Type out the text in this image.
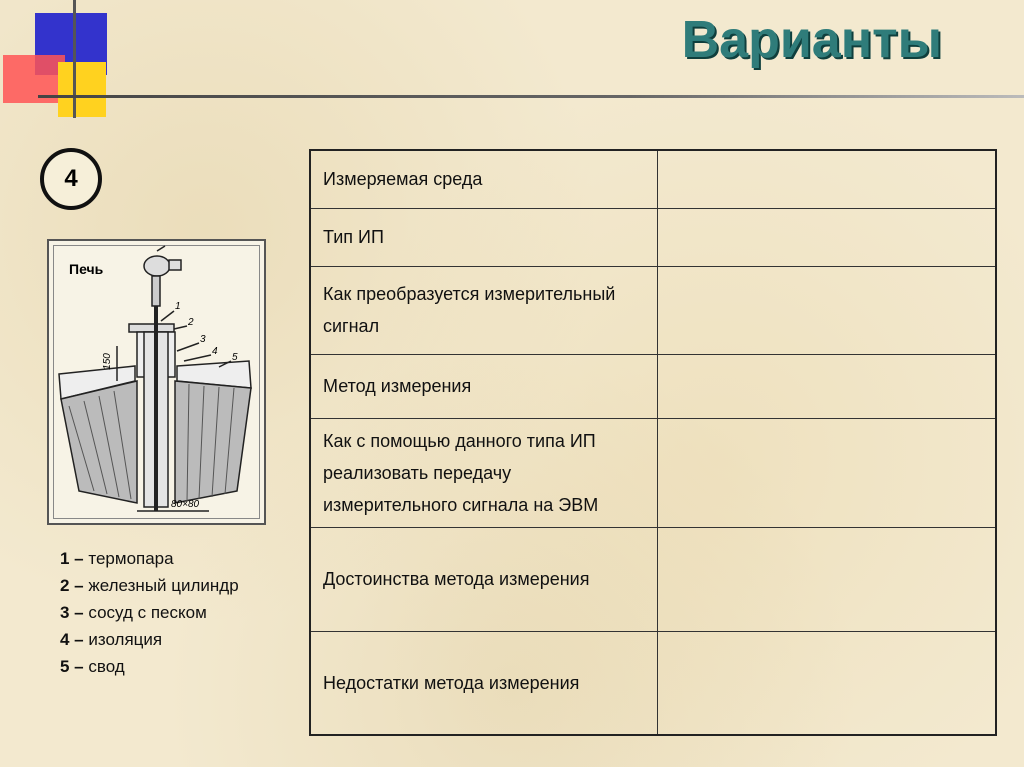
Варианты
4
Печь
1
2
3
4
5
150
80×80
1 – термопара
2 – железный цилиндр
3 – сосуд с песком
4 – изоляция
5 – свод
Измеряемая среда	
Тип ИП	
Как преобразуется измерительный сигнал	
Метод измерения	
Как с помощью данного типа ИП реализовать передачу измерительного сигнала на ЭВМ	
Достоинства метода измерения	
Недостатки метода измерения	
